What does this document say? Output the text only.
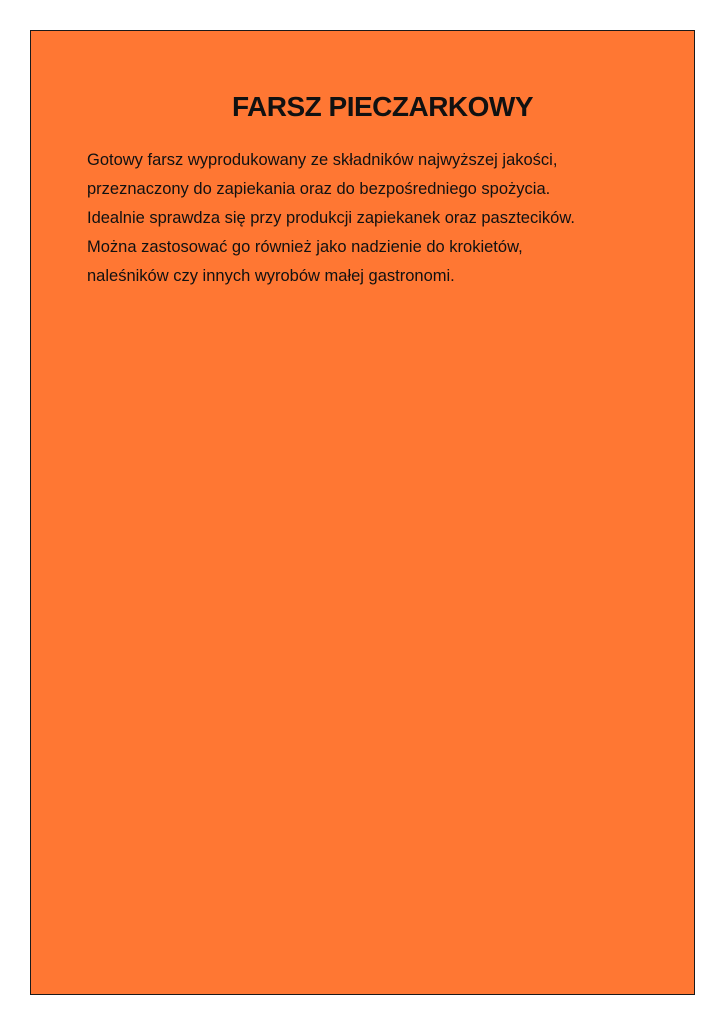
FARSZ PIECZARKOWY

Gotowy farsz wyprodukowany ze składników najwyższej jakości,
przeznaczony do zapiekania oraz do bezpośredniego spożycia.
Idealnie sprawdza się przy produkcji zapiekanek oraz pasztecików.
Można zastosować go również jako nadzienie do krokietów,
naleśników czy innych wyrobów małej gastronomi.
